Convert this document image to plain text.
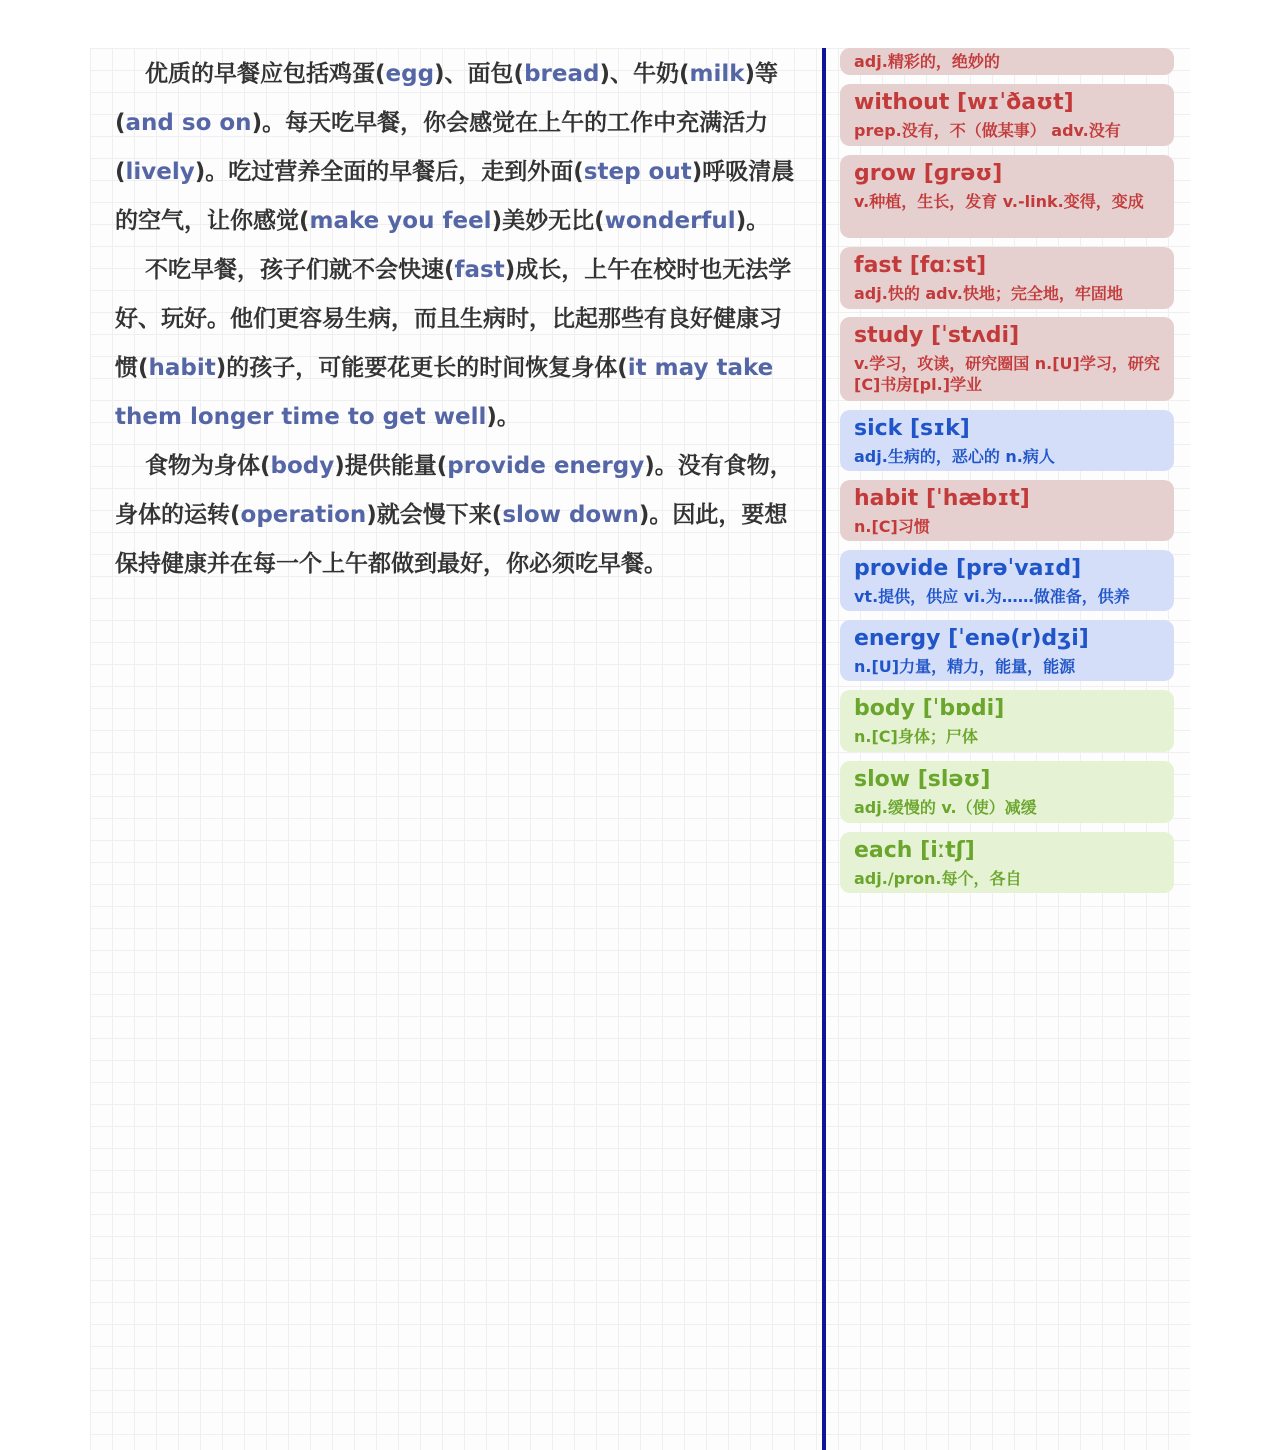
优质的早餐应包括鸡蛋(egg)、面包(bread)、牛奶(milk)等(and so on)。每天吃早餐，你会感觉在上午的工作中充满活力(lively)。吃过营养全面的早餐后，走到外面(step out)呼吸清晨的空气，让你感觉(make you feel)美妙无比(wonderful)。

不吃早餐，孩子们就不会快速(fast)成长，上午在校时也无法学好、玩好。他们更容易生病，而且生病时，比起那些有良好健康习惯(habit)的孩子，可能要花更长的时间恢复身体(it may take them longer time to get well)。

食物为身体(body)提供能量(provide energy)。没有食物，身体的运转(operation)就会慢下来(slow down)。因此，要想保持健康并在每一个上午都做到最好，你必须吃早餐。

adj.精彩的，绝妙的
without [wɪˈðaʊt]
prep.没有，不（做某事） adv.没有
grow [ɡrəʊ]
v.种植，生长，发育 v.-link.变得，变成
fast [fɑːst]
adj.快的 adv.快地；完全地，牢固地
study [ˈstʌdi]
v.学习，攻读，研究圈国 n.[U]学习，研究[C]书房[pl.]学业
sick [sɪk]
adj.生病的，恶心的 n.病人
habit [ˈhæbɪt]
n.[C]习惯
provide [prəˈvaɪd]
vt.提供，供应 vi.为……做准备，供养
energy [ˈenə(r)dʒi]
n.[U]力量，精力，能量，能源
body [ˈbɒdi]
n.[C]身体；尸体
slow [sləʊ]
adj.缓慢的 v.（使）减缓
each [iːtʃ]
adj./pron.每个，各自
